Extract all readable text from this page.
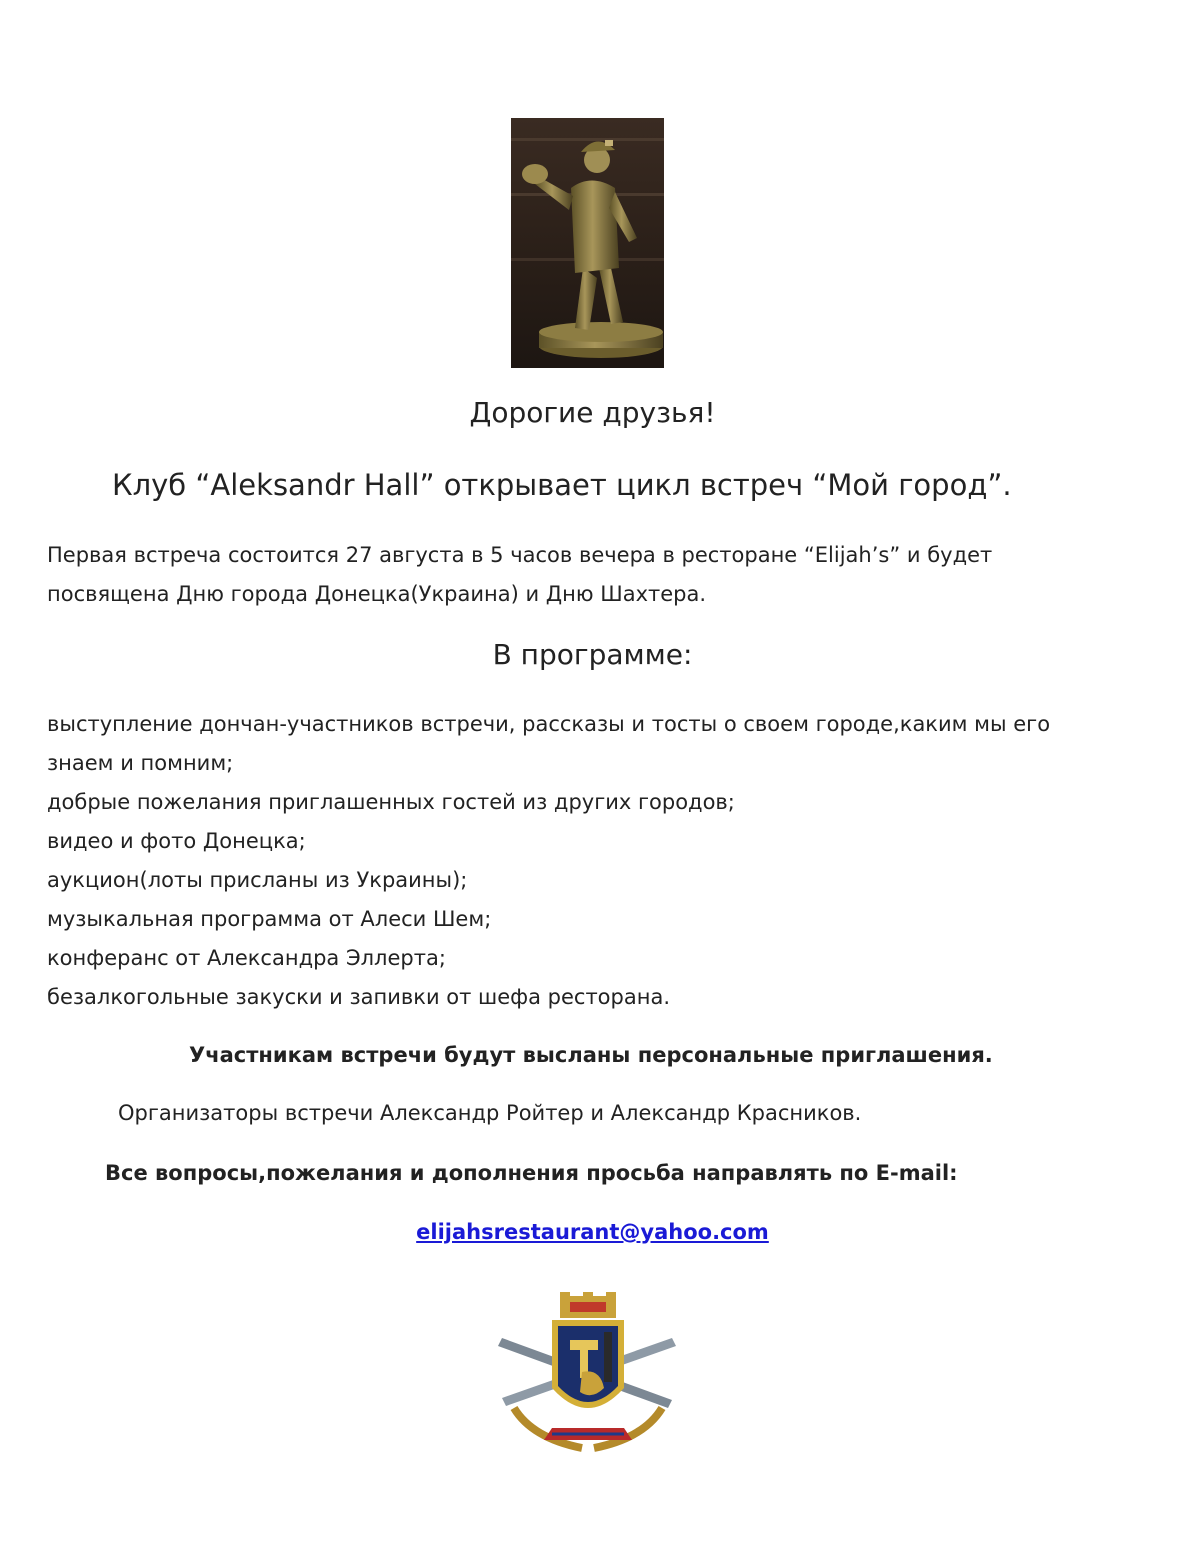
Дорогие друзья!
Клуб “Aleksandr Hall” открывает цикл встреч “Мой город”.
Первая встреча состоится 27 августа в 5 часов вечера в ресторане “Elijah’s” и будет
посвящена Дню города Донецка(Украина) и Дню Шахтера.
В программе:
выступление дончан-участников встречи, рассказы и тосты о своем городе,каким мы его
знаем и помним;
добрые пожелания приглашенных гостей из других городов;
видео и фото Донецка;
аукцион(лоты присланы из Украины);
музыкальная программа от Алеси Шем;
конферанс от Александра Эллерта;
безалкогольные закуски и запивки от шефа ресторана.
Участникам встречи будут высланы персональные приглашения.
Организаторы встречи Александр Ройтер и Александр Красников.
Все вопросы,пожелания и дополнения просьба направлять по E-mail:
elijahsrestaurant@yahoo.com
